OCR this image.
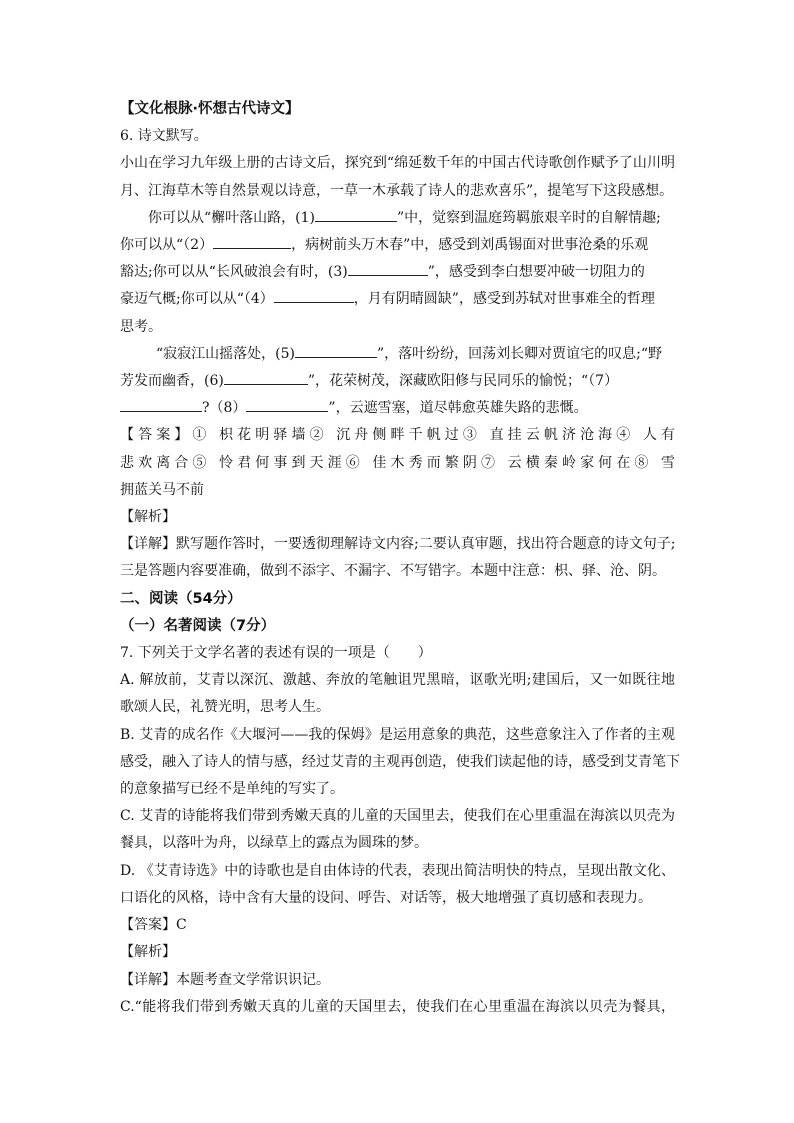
【文化根脉·怀想古代诗文】

6. 诗文默写。

小山在学习九年级上册的古诗文后，探究到“绵延数千年的中国古代诗歌创作赋予了山川明

月、江海草木等自然景观以诗意，一草一木承载了诗人的悲欢喜乐”，提笔写下这段感想。

你可以从“檞叶落山路，(1)	”中，觉察到温庭筠羁旅艰辛时的自解情趣;

你可以从“（2）	，病树前头万木春”中，感受到刘禹锡面对世事沧桑的乐观

豁达;你可以从“长风破浪会有时，(3)	”，感受到李白想要冲破一切阻力的

豪迈气概;你可以从“（4）	，月有阴晴圆缺”，感受到苏轼对世事难全的哲理

思考。

“寂寂江山摇落处，(5)	”，落叶纷纷，回荡刘长卿对贾谊宅的叹息;“野

芳发而幽香，(6)	”，花荣树茂，深藏欧阳修与民同乐的愉悦；“（7）

?（8）	”，云遮雪塞，道尽韩愈英雄失路的悲慨。

【答案】① 枳花明驿墙② 沉舟侧畔千帆过③ 直挂云帆济沧海④ 人有

悲欢离合⑤ 怜君何事到天涯⑥ 佳木秀而繁阴⑦ 云横秦岭家何在⑧ 雪

拥蓝关马不前

【解析】

【详解】默写题作答时，一要透彻理解诗文内容;二要认真审题，找出符合题意的诗文句子;

三是答题内容要准确，做到不添字、不漏字、不写错字。本题中注意：枳、驿、沧、阴。

二、阅读（54分）

（一）名著阅读（7分）

7. 下列关于文学名著的表述有误的一项是（　　）

A. 解放前，艾青以深沉、激越、奔放的笔触诅咒黑暗，讴歌光明;建国后，又一如既往地

歌颂人民，礼赞光明，思考人生。

B. 艾青的成名作《大堰河——我的保姆》是运用意象的典范，这些意象注入了作者的主观

感受，融入了诗人的情与感，经过艾青的主观再创造，使我们读起他的诗，感受到艾青笔下

的意象描写已经不是单纯的写实了。

C. 艾青的诗能将我们带到秀嫩天真的儿童的天国里去，使我们在心里重温在海滨以贝壳为

餐具，以落叶为舟，以绿草上的露点为圆珠的梦。

D. 《艾青诗选》中的诗歌也是自由体诗的代表，表现出简洁明快的特点，呈现出散文化、

口语化的风格，诗中含有大量的设问、呼告、对话等，极大地增强了真切感和表现力。

【答案】C

【解析】

【详解】本题考查文学常识识记。

C.“能将我们带到秀嫩天真的儿童的天国里去，使我们在心里重温在海滨以贝壳为餐具，
